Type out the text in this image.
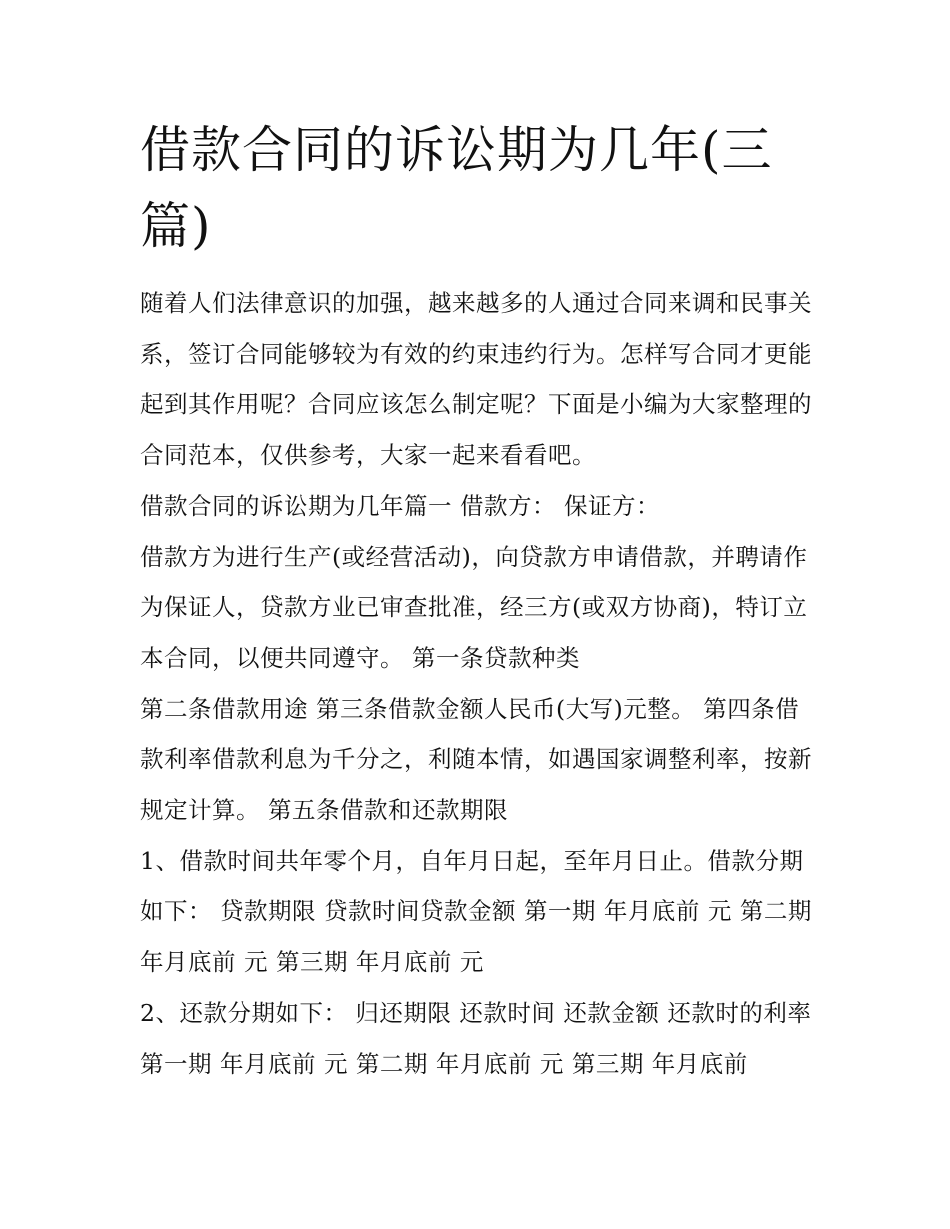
借款合同的诉讼期为几年(三篇)

随着人们法律意识的加强，越来越多的人通过合同来调和民事关系，签订合同能够较为有效的约束违约行为。怎样写合同才更能起到其作用呢？合同应该怎么制定呢？下面是小编为大家整理的合同范本，仅供参考，大家一起来看看吧。

借款合同的诉讼期为几年篇一 借款方： 保证方：

借款方为进行生产(或经营活动)，向贷款方申请借款，并聘请作为保证人，贷款方业已审查批准，经三方(或双方协商)，特订立本合同，以便共同遵守。 第一条贷款种类

第二条借款用途 第三条借款金额人民币(大写)元整。 第四条借款利率借款利息为千分之，利随本情，如遇国家调整利率，按新规定计算。 第五条借款和还款期限

1、借款时间共年零个月，自年月日起，至年月日止。借款分期如下： 贷款期限 贷款时间贷款金额 第一期 年月底前 元 第二期 年月底前 元 第三期 年月底前 元

2、还款分期如下： 归还期限 还款时间 还款金额 还款时的利率 第一期 年月底前 元 第二期 年月底前 元 第三期 年月底前
